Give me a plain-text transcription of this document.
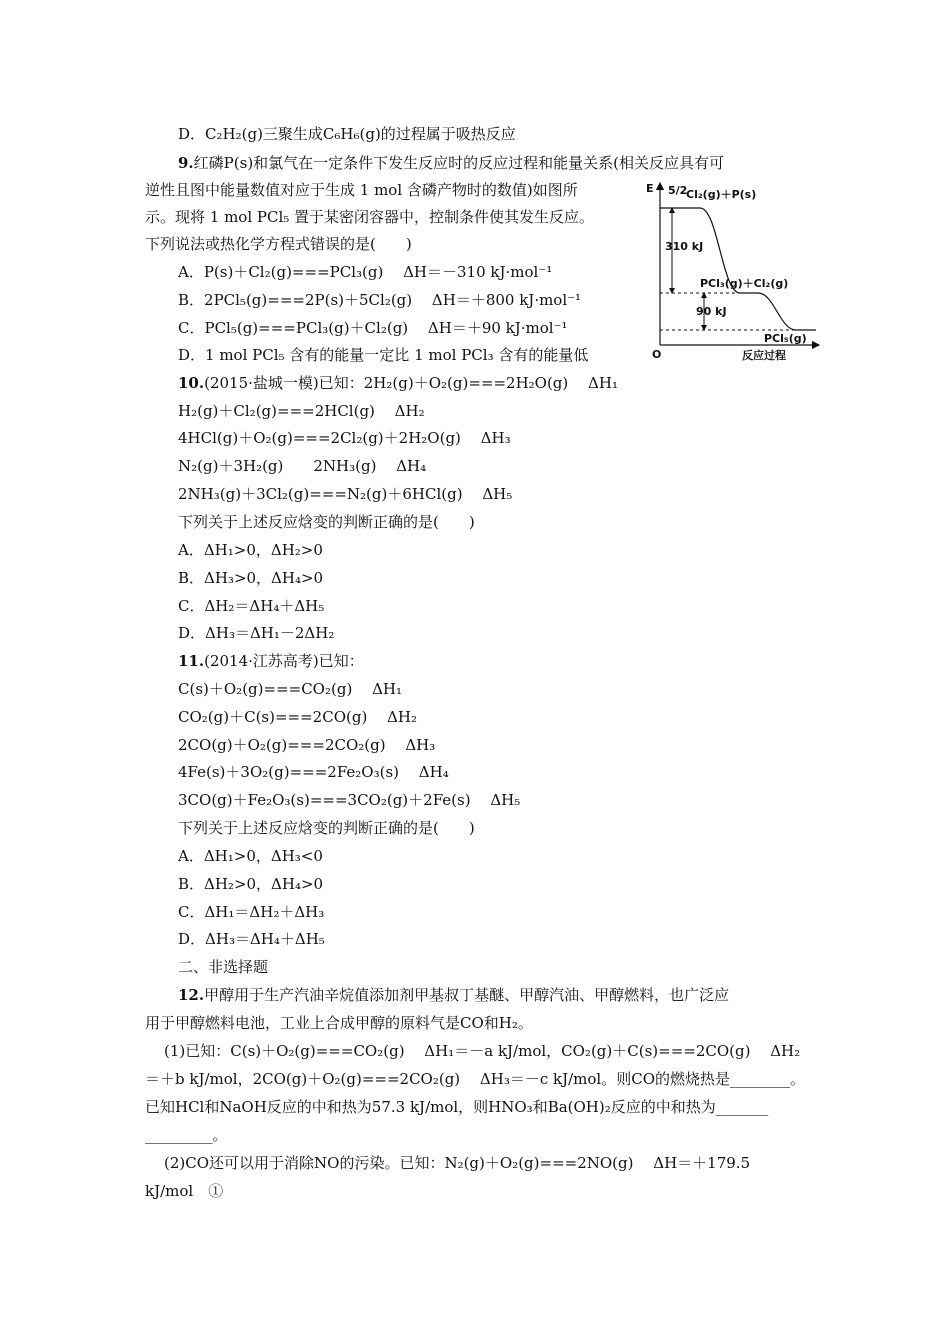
D．C₂H₂(g)三聚生成C₆H₆(g)的过程属于吸热反应
9.红磷P(s)和氯气在一定条件下发生反应时的反应过程和能量关系(相关反应具有可
逆性且图中能量数值对应于生成 1 mol 含磷产物时的数值)如图所
示。现将 1 mol PCl₅ 置于某密闭容器中，控制条件使其发生反应。
下列说法或热化学方程式错误的是(　　)
A．P(s)＋Cl₂(g)===PCl₃(g)　 ΔH＝－310 kJ·mol⁻¹
B．2PCl₅(g)===2P(s)＋5Cl₂(g)　 ΔH＝＋800 kJ·mol⁻¹
C．PCl₅(g)===PCl₃(g)＋Cl₂(g)　 ΔH＝＋90 kJ·mol⁻¹
D．1 mol PCl₅ 含有的能量一定比 1 mol PCl₃ 含有的能量低
E
O	反应过程
310 kJ
90 kJ
5/2
Cl₂(g)＋P(s)
PCl₃(g)＋Cl₂(g)
PCl₅(g)
10.(2015·盐城一模)已知：2H₂(g)＋O₂(g)===2H₂O(g)　 ΔH₁
H₂(g)＋Cl₂(g)===2HCl(g)　 ΔH₂
4HCl(g)＋O₂(g)===2Cl₂(g)＋2H₂O(g)　 ΔH₃
N₂(g)＋3H₂(g)　　2NH₃(g)　 ΔH₄
2NH₃(g)＋3Cl₂(g)===N₂(g)＋6HCl(g)　 ΔH₅
下列关于上述反应焓变的判断正确的是(　　)
A．ΔH₁>0，ΔH₂>0
B．ΔH₃>0，ΔH₄>0
C．ΔH₂＝ΔH₄＋ΔH₅
D．ΔH₃＝ΔH₁－2ΔH₂
11.(2014·江苏高考)已知：
C(s)＋O₂(g)===CO₂(g)　 ΔH₁
CO₂(g)＋C(s)===2CO(g)　 ΔH₂
2CO(g)＋O₂(g)===2CO₂(g)　 ΔH₃
4Fe(s)＋3O₂(g)===2Fe₂O₃(s)　 ΔH₄
3CO(g)＋Fe₂O₃(s)===3CO₂(g)＋2Fe(s)　 ΔH₅
下列关于上述反应焓变的判断正确的是(　　)
A．ΔH₁>0，ΔH₃<0
B．ΔH₂>0，ΔH₄>0
C．ΔH₁＝ΔH₂＋ΔH₃
D．ΔH₃＝ΔH₄＋ΔH₅
二、非选择题
12.甲醇用于生产汽油辛烷值添加剂甲基叔丁基醚、甲醇汽油、甲醇燃料，也广泛应
用于甲醇燃料电池，工业上合成甲醇的原料气是CO和H₂。
(1)已知：C(s)＋O₂(g)===CO₂(g)　 ΔH₁＝－a kJ/mol，CO₂(g)＋C(s)===2CO(g)　 ΔH₂
＝＋b kJ/mol，2CO(g)＋O₂(g)===2CO₂(g)　 ΔH₃＝－c kJ/mol。则CO的燃烧热是________。
已知HCl和NaOH反应的中和热为57.3 kJ/mol，则HNO₃和Ba(OH)₂反应的中和热为_______
_________。
(2)CO还可以用于消除NO的污染。已知：N₂(g)＋O₂(g)===2NO(g)　 ΔH＝＋179.5
kJ/mol　①
